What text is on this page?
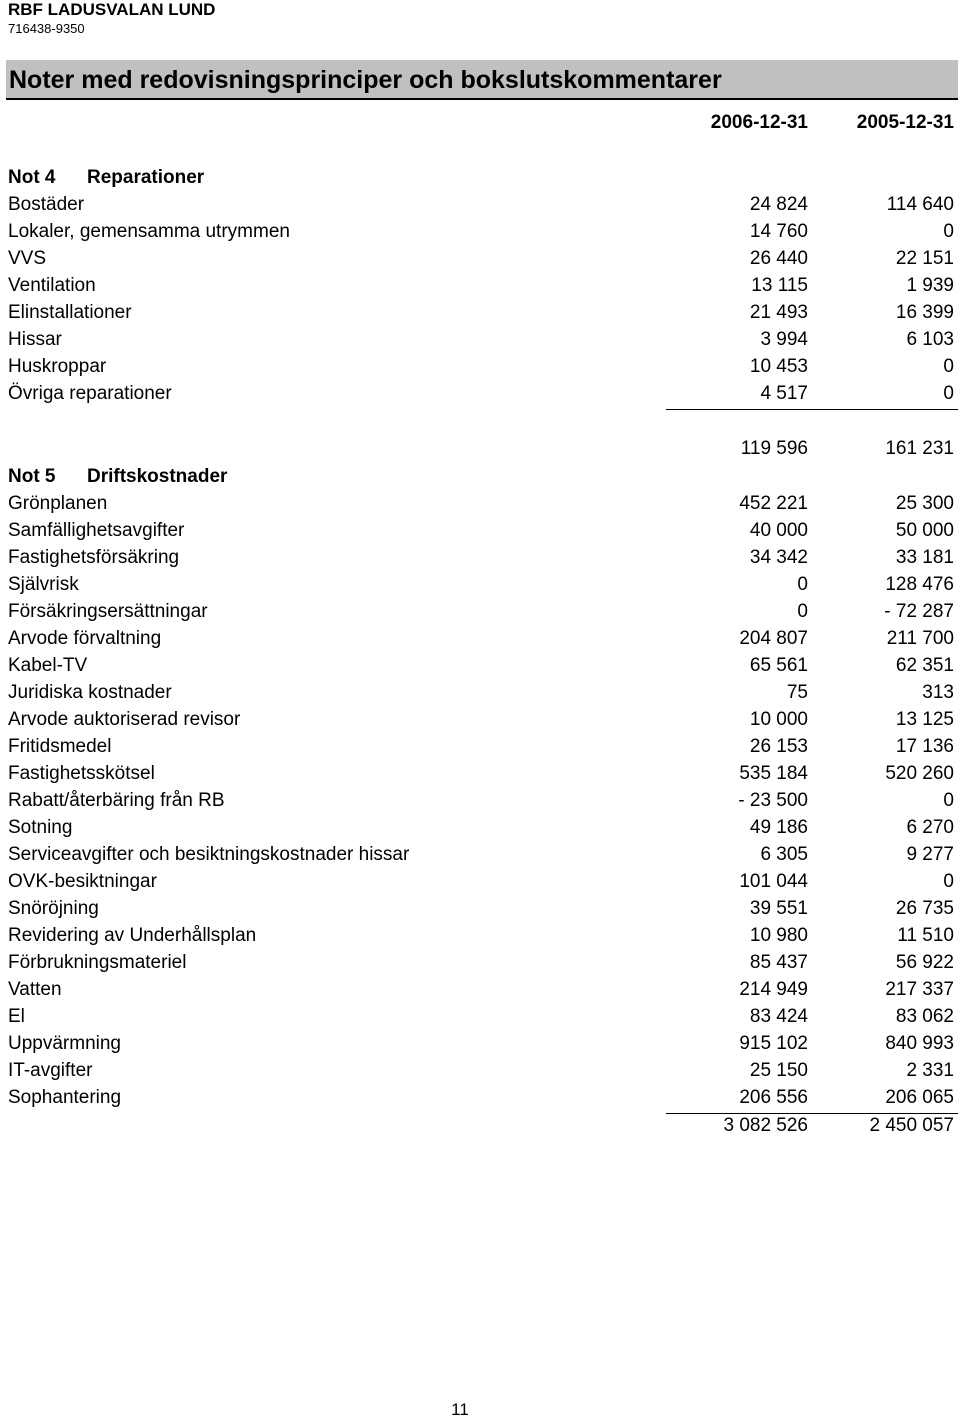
RBF LADUSVALAN LUND
716438-9350
Noter med redovisningsprinciper och bokslutskommentarer
2006-12-31	2005-12-31
Not 4 Reparationer
Bostäder	24 824	114 640
Lokaler, gemensamma utrymmen	14 760	0
VVS	26 440	22 151
Ventilation	13 115	1 939
Elinstallationer	21 493	16 399
Hissar	3 994	6 103
Huskroppar	10 453	0
Övriga reparationer	4 517	0
119 596	161 231
Not 5 Driftskostnader
Grönplanen	452 221	25 300
Samfällighetsavgifter	40 000	50 000
Fastighetsförsäkring	34 342	33 181
Självrisk	0	128 476
Försäkringsersättningar	0	- 72 287
Arvode förvaltning	204 807	211 700
Kabel-TV	65 561	62 351
Juridiska kostnader	75	313
Arvode auktoriserad revisor	10 000	13 125
Fritidsmedel	26 153	17 136
Fastighetsskötsel	535 184	520 260
Rabatt/återbäring från RB	- 23 500	0
Sotning	49 186	6 270
Serviceavgifter och besiktningskostnader hissar	6 305	9 277
OVK-besiktningar	101 044	0
Snöröjning	39 551	26 735
Revidering av Underhållsplan	10 980	11 510
Förbrukningsmateriel	85 437	56 922
Vatten	214 949	217 337
El	83 424	83 062
Uppvärmning	915 102	840 993
IT-avgifter	25 150	2 331
Sophantering	206 556	206 065
3 082 526	2 450 057
11
